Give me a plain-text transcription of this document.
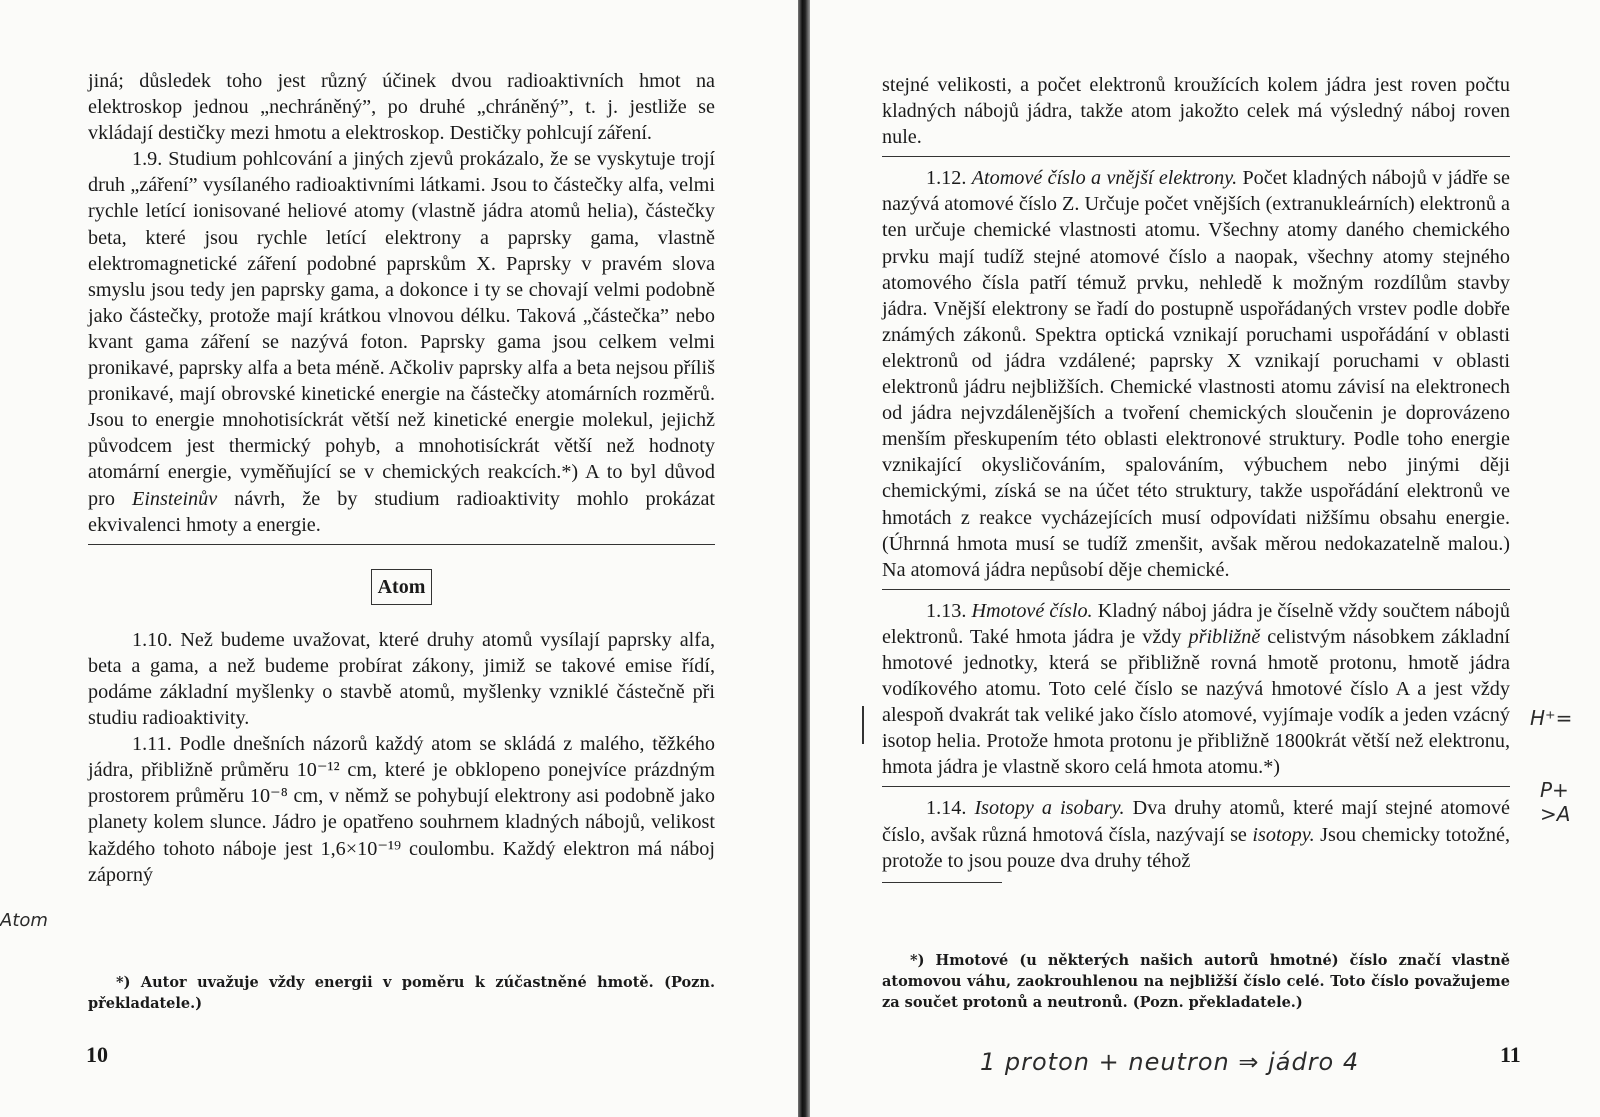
jiná; důsledek toho jest různý účinek dvou radioaktivních hmot na elektroskop jednou „nechráněný”, po druhé „chráněný”, t. j. jestliže se vkládají destičky mezi hmotu a elektroskop. Destičky pohlcují záření.

1.9. Studium pohlcování a jiných zjevů prokázalo, že se vyskytuje trojí druh „záření” vysílaného radioaktivními látkami. Jsou to částečky alfa, velmi rychle letící ionisované heliové atomy (vlastně jádra atomů helia), částečky beta, které jsou rychle letící elektrony a paprsky gama, vlastně elektromagnetické záření podobné paprskům X. Paprsky v pravém slova smyslu jsou tedy jen paprsky gama, a dokonce i ty se chovají velmi podobně jako částečky, protože mají krátkou vlnovou délku. Taková „částečka” nebo kvant gama záření se nazývá foton. Paprsky gama jsou celkem velmi pronikavé, paprsky alfa a beta méně. Ačkoliv paprsky alfa a beta nejsou příliš pronikavé, mají obrovské kinetické energie na částečky atomárních rozměrů. Jsou to energie mnohotisíckrát větší než kinetické energie molekul, jejichž původcem jest thermický pohyb, a mnohotisíckrát větší než hodnoty atomární energie, vyměňující se v chemických reakcích.*) A to byl důvod pro Einsteinův návrh, že by studium radioaktivity mohlo prokázat ekvivalenci hmoty a energie.

Atom

1.10. Než budeme uvažovat, které druhy atomů vysílají paprsky alfa, beta a gama, a než budeme probírat zákony, jimiž se takové emise řídí, podáme základní myšlenky o stavbě atomů, myšlenky vzniklé částečně při studiu radioaktivity.

1.11. Podle dnešních názorů každý atom se skládá z malého, těžkého jádra, přibližně průměru 10⁻¹² cm, které je obklopeno ponejvíce prázdným prostorem průměru 10⁻⁸ cm, v němž se pohybují elektrony asi podobně jako planety kolem slunce. Jádro je opatřeno souhrnem kladných nábojů, velikost každého tohoto náboje jest 1,6×10⁻¹⁹ coulombu. Každý elektron má náboj záporný

*) Autor uvažuje vždy energii v poměru k zúčastněné hmotě. (Pozn. překladatele.)
10
Atom

stejné velikosti, a počet elektronů kroužících kolem jádra jest roven počtu kladných nábojů jádra, takže atom jakožto celek má výsledný náboj roven nule.

1.12. Atomové číslo a vnější elektrony. Počet kladných nábojů v jádře se nazývá atomové číslo Z. Určuje počet vnějších (extranukleárních) elektronů a ten určuje chemické vlastnosti atomu. Všechny atomy daného chemického prvku mají tudíž stejné atomové číslo a naopak, všechny atomy stejného atomového čísla patří témuž prvku, nehledě k možným rozdílům stavby jádra. Vnější elektrony se řadí do postupně uspořádaných vrstev podle dobře známých zákonů. Spektra optická vznikají poruchami uspořádání v oblasti elektronů od jádra vzdálené; paprsky X vznikají poruchami v oblasti elektronů jádru nejbližších. Chemické vlastnosti atomu závisí na elektronech od jádra nejvzdálenějších a tvoření chemických sloučenin je doprovázeno menším přeskupením této oblasti elektronové struktury. Podle toho energie vznikající okysličováním, spalováním, výbuchem nebo jinými ději chemickými, získá se na účet této struktury, takže uspořádání elektronů ve hmotách z reakce vycházejících musí odpovídati nižšímu obsahu energie. (Úhrnná hmota musí se tudíž zmenšit, avšak měrou nedokazatelně malou.) Na atomová jádra nepůsobí děje chemické.

1.13. Hmotové číslo. Kladný náboj jádra je číselně vždy součtem nábojů elektronů. Také hmota jádra je vždy přibližně celistvým násobkem základní hmotové jednotky, která se přibližně rovná hmotě protonu, hmotě jádra vodíkového atomu. Toto celé číslo se nazývá hmotové číslo A a jest vždy alespoň dvakrát tak veliké jako číslo atomové, vyjímaje vodík a jeden vzácný isotop helia. Protože hmota protonu je přibližně 1800krát větší než elektronu, hmota jádra je vlastně skoro celá hmota atomu.*)

1.14. Isotopy a isobary. Dva druhy atomů, které mají stejné atomové číslo, avšak různá hmotová čísla, nazývají se isotopy. Jsou chemicky totožné, protože to jsou pouze dva druhy téhož

*) Hmotové (u některých našich autorů hmotné) číslo značí vlastně atomovou váhu, zaokrouhlenou na nejbližší číslo celé. Toto číslo považujeme za součet protonů a neutronů. (Pozn. překladatele.)
11
1 proton + neutron ⇒ jádro 4
H⁺=
P+ >A
